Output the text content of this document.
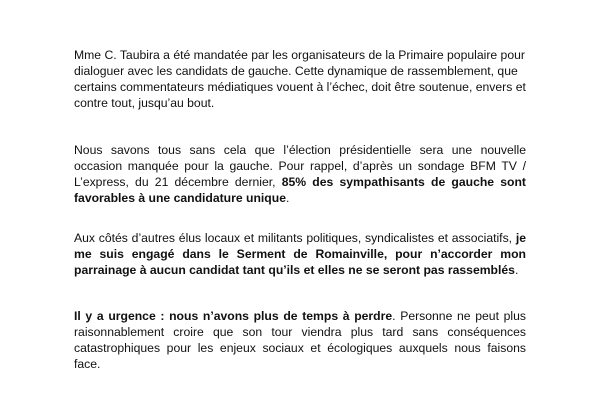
Mme C. Taubira a été mandatée par les organisateurs de la Primaire populaire pour dialoguer avec les candidats de gauche. Cette dynamique de rassemblement, que certains commentateurs médiatiques vouent à l’échec, doit être soutenue, envers et contre tout, jusqu’au bout.

Nous savons tous sans cela que l’élection présidentielle sera une nouvelle occasion manquée pour la gauche. Pour rappel, d’après un sondage BFM TV / L’express, du 21 décembre dernier, 85% des sympathisants de gauche sont favorables à une candidature unique.

Aux côtés d’autres élus locaux et militants politiques, syndicalistes et associatifs, je me suis engagé dans le Serment de Romainville, pour n’accorder mon parrainage à aucun candidat tant qu’ils et elles ne se seront pas rassemblés.

Il y a urgence : nous n’avons plus de temps à perdre. Personne ne peut plus raisonnablement croire que son tour viendra plus tard sans conséquences catastrophiques pour les enjeux sociaux et écologiques auxquels nous faisons face.
